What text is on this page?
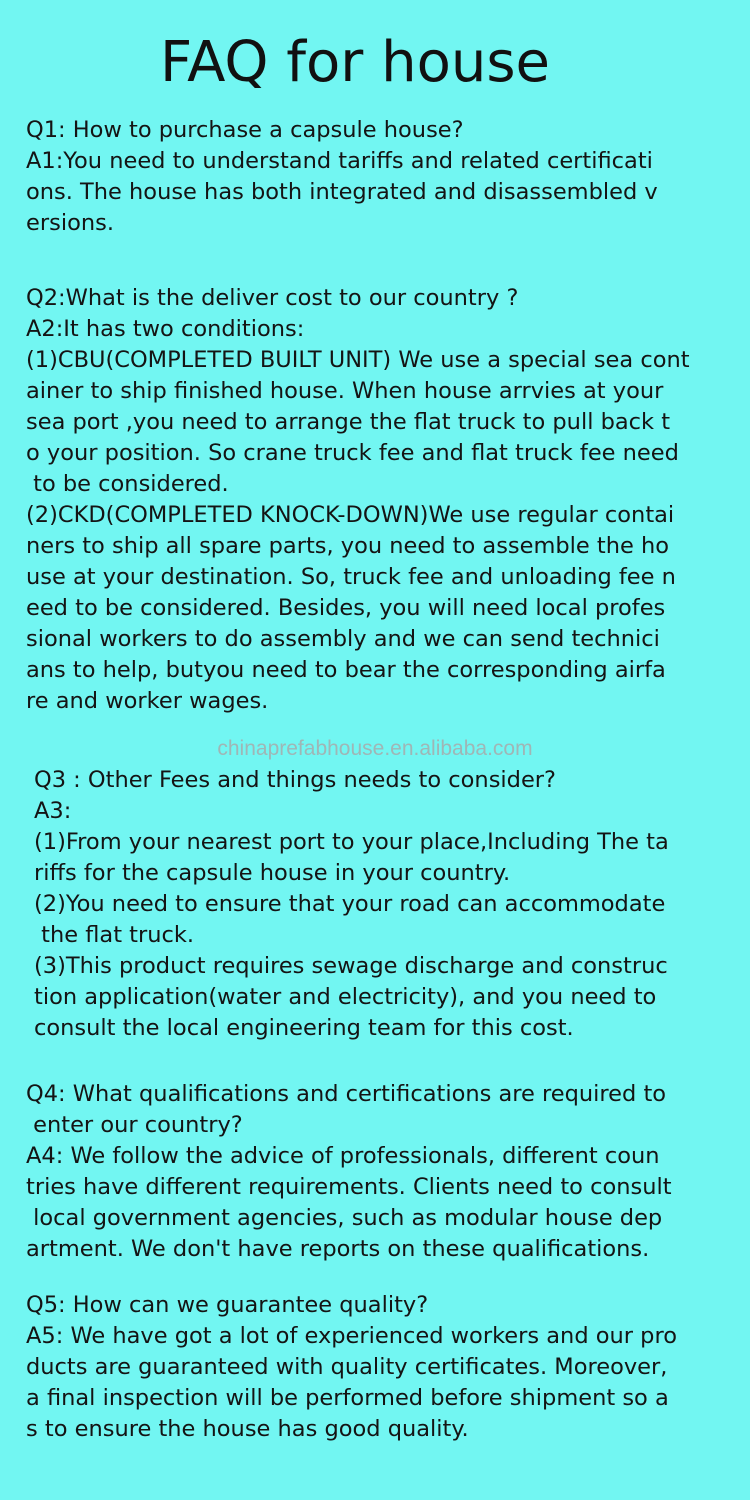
FAQ for house
Q1: How to purchase a capsule house?
A1:You need to understand tariffs and related certificati
ons. The house has both integrated and disassembled v
ersions.
Q2:What is the deliver cost to our country ?
A2:It has two conditions:
(1)CBU(COMPLETED BUILT UNIT) We use a special sea cont
ainer to ship finished house. When house arrvies at your
sea port ,you need to arrange the flat truck to pull back t
o your position. So crane truck fee and flat truck fee need
to be considered.
(2)CKD(COMPLETED KNOCK-DOWN)We use regular contai
ners to ship all spare parts, you need to assemble the ho
use at your destination. So, truck fee and unloading fee n
eed to be considered. Besides, you will need local profes
sional workers to do assembly and we can send technici
ans to help, butyou need to bear the corresponding airfa
re and worker wages.
chinaprefabhouse.en.alibaba.com
Q3 : Other Fees and things needs to consider?
A3:
(1)From your nearest port to your place,Including The ta
riffs for the capsule house in your country.
(2)You need to ensure that your road can accommodate
the flat truck.
(3)This product requires sewage discharge and construc
tion application(water and electricity), and you need to
consult the local engineering team for this cost.
Q4: What qualifications and certifications are required to
enter our country?
A4: We follow the advice of professionals, different coun
tries have different requirements. Clients need to consult
local government agencies, such as modular house dep
artment. We don't have reports on these qualifications.
Q5: How can we guarantee quality?
A5: We have got a lot of experienced workers and our pro
ducts are guaranteed with quality certificates. Moreover,
a final inspection will be performed before shipment so a
s to ensure the house has good quality.
